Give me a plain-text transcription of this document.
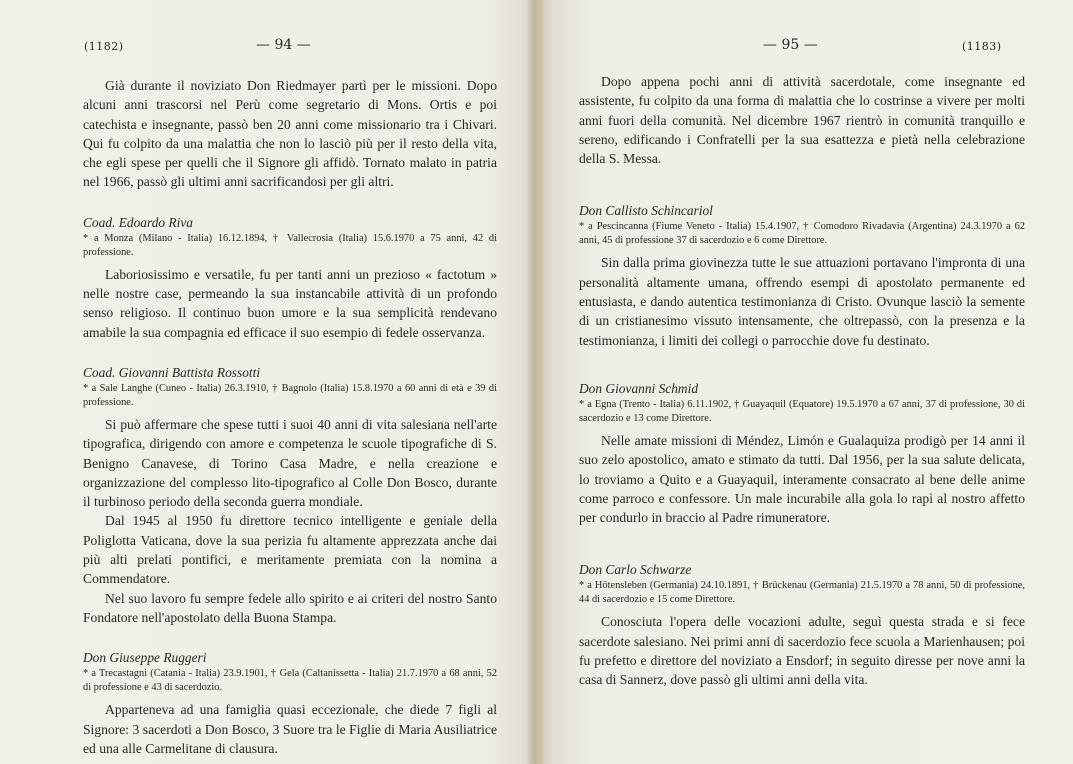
(1182)	— 94 —

Già durante il noviziato Don Riedmayer partì per le missioni. Dopo alcuni anni trascorsi nel Perù come segretario di Mons. Ortis e poi catechista e insegnante, passò ben 20 anni come missionario tra i Chivari. Qui fu colpito da una malattia che non lo lasciò più per il resto della vita, che egli spese per quelli che il Signore gli affidò. Tornato malato in patria nel 1966, passò gli ultimi anni sacrificandosi per gli altri.

Coad. Edoardo Riva
* a Monza (Milano - Italia) 16.12.1894, † Vallecrosia (Italia) 15.6.1970 a 75 anni, 42 di professione.

Laboriosissimo e versatile, fu per tanti anni un prezioso « factotum » nelle nostre case, permeando la sua instancabile attività di un profondo senso religioso. Il continuo buon umore e la sua semplicità rendevano amabile la sua compagnia ed efficace il suo esempio di fedele osservanza.

Coad. Giovanni Battista Rossotti
* a Sale Langhe (Cuneo - Italia) 26.3.1910, † Bagnolo (Italia) 15.8.1970 a 60 anni di età e 39 di professione.

Si può affermare che spese tutti i suoi 40 anni di vita salesiana nell'arte tipografica, dirigendo con amore e competenza le scuole tipografiche di S. Benigno Canavese, di Torino Casa Madre, e nella creazione e organizzazione del complesso lito-tipografico al Colle Don Bosco, durante il turbinoso periodo della seconda guerra mondiale.

Dal 1945 al 1950 fu direttore tecnico intelligente e geniale della Poliglotta Vaticana, dove la sua perizia fu altamente apprezzata anche dai più alti prelati pontifici, e meritamente premiata con la nomina a Commendatore.

Nel suo lavoro fu sempre fedele allo spirito e ai criteri del nostro Santo Fondatore nell'apostolato della Buona Stampa.

Don Giuseppe Ruggeri
* a Trecastagni (Catania - Italia) 23.9.1901, † Gela (Caltanissetta - Italia) 21.7.1970 a 68 anni, 52 di professione e 43 di sacerdozio.

Apparteneva ad una famiglia quasi eccezionale, che diede 7 figli al Signore: 3 sacerdoti a Don Bosco, 3 Suore tra le Figlie di Maria Ausiliatrice ed una alle Carmelitane di clausura.

— 95 —	(1183)

Dopo appena pochi anni di attività sacerdotale, come insegnante ed assistente, fu colpito da una forma di malattia che lo costrinse a vivere per molti anni fuori della comunità. Nel dicembre 1967 rientrò in comunità tranquillo e sereno, edificando i Confratelli per la sua esattezza e pietà nella celebrazione della S. Messa.

Don Callisto Schincariol
* a Pescincanna (Fiume Veneto - Italia) 15.4.1907, † Comodoro Rivadavia (Argentina) 24.3.1970 a 62 anni, 45 di professione 37 di sacerdozio e 6 come Direttore.

Sin dalla prima giovinezza tutte le sue attuazioni portavano l'impronta di una personalità altamente umana, offrendo esempi di apostolato permanente ed entusiasta, e dando autentica testimonianza di Cristo. Ovunque lasciò la semente di un cristianesimo vissuto intensamente, che oltrepassò, con la presenza e la testimonianza, i limiti dei collegi o parrocchie dove fu destinato.

Don Giovanni Schmid
* a Egna (Trento - Italia) 6.11.1902, † Guayaquil (Equatore) 19.5.1970 a 67 anni, 37 di professione, 30 di sacerdozio e 13 come Direttore.

Nelle amate missioni di Méndez, Limón e Gualaquiza prodigò per 14 anni il suo zelo apostolico, amato e stimato da tutti. Dal 1956, per la sua salute delicata, lo troviamo a Quito e a Guayaquil, interamente consacrato al bene delle anime come parroco e confessore. Un male incurabile alla gola lo rapì al nostro affetto per condurlo in braccio al Padre rimuneratore.

Don Carlo Schwarze
* a Hötensleben (Germania) 24.10.1891, † Brückenau (Germania) 21.5.1970 a 78 anni, 50 di professione, 44 di sacerdozio e 15 come Direttore.

Conosciuta l'opera delle vocazioni adulte, seguì questa strada e si fece sacerdote salesiano. Nei primi anni di sacerdozio fece scuola a Marienhausen; poi fu prefetto e direttore del noviziato a Ensdorf; in seguito diresse per nove anni la casa di Sannerz, dove passò gli ultimi anni della vita.
